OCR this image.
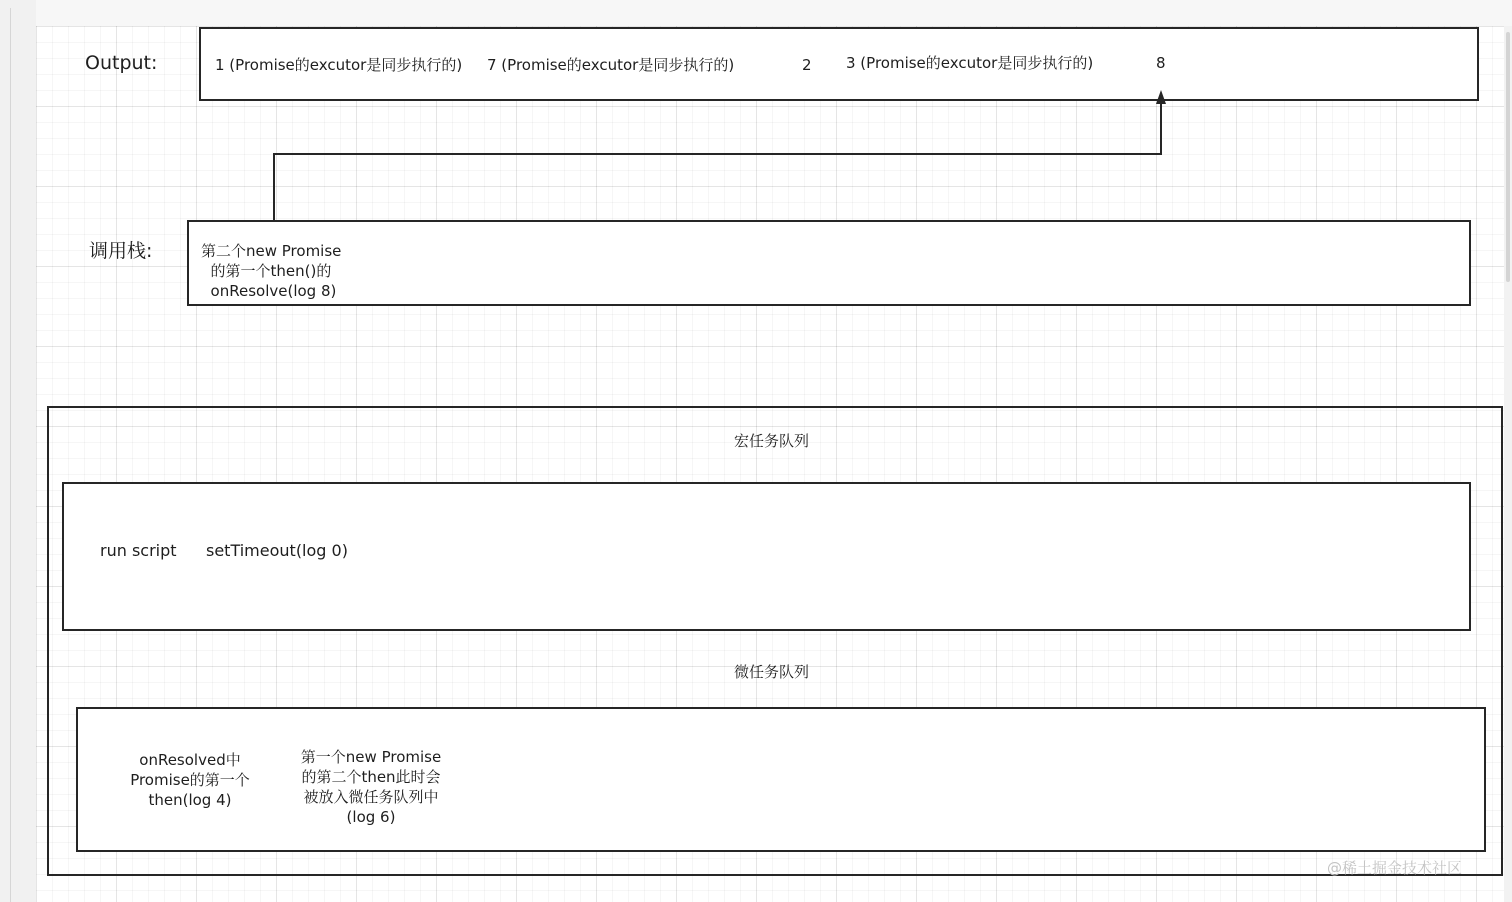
Output:	1 (Promise的excutor是同步执行的) 7 (Promise的excutor是同步执行的)	2 3 (Promise的excutor是同步执行的)	8
调用栈:	第二个new Promise
的第一个then()的
onResolve(log 8)
宏任务队列
run script setTimeout(log 0)
微任务队列
onResolved中
Promise的第一个
then(log 4)
第一个new Promise
的第二个then此时会
被放入微任务队列中
(log 6)
@稀土掘金技术社区
